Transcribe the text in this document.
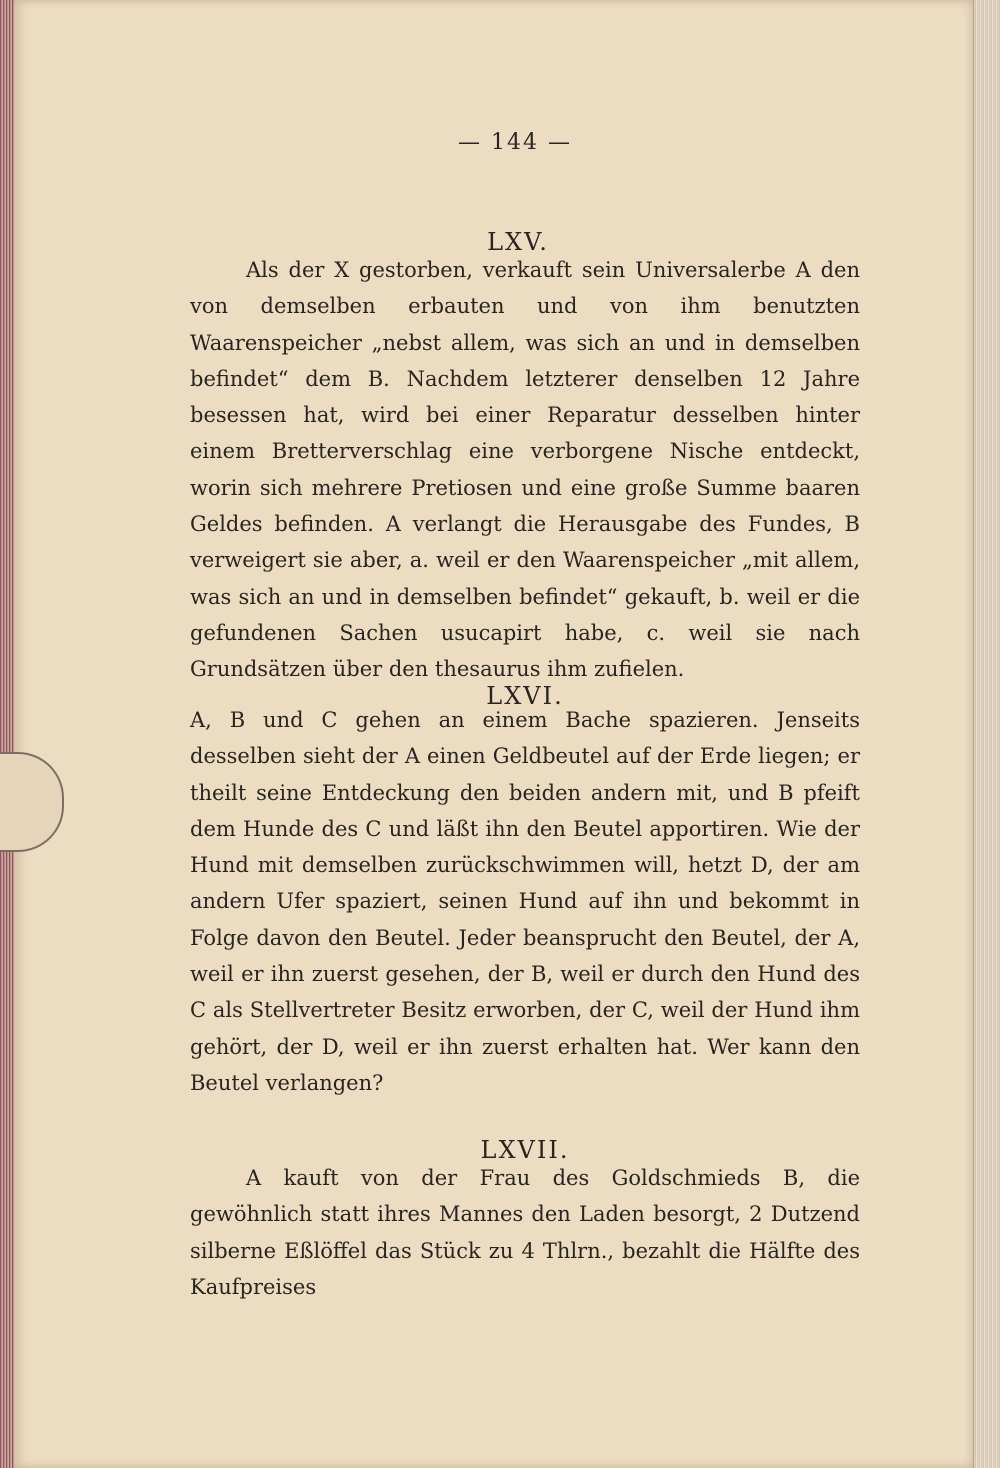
— 144 —
LXV.

Als der X gestorben, verkauft sein Universalerbe A den von demselben erbauten und von ihm benutzten Waarenspeicher „nebst allem, was sich an und in demselben befindet“ dem B. Nachdem letzterer denselben 12 Jahre besessen hat, wird bei einer Reparatur desselben hinter einem Bretterverschlag eine verborgene Nische entdeckt, worin sich mehrere Pretiosen und eine große Summe baaren Geldes befinden. A verlangt die Herausgabe des Fundes, B verweigert sie aber, a. weil er den Waarenspeicher „mit allem, was sich an und in demselben befindet“ gekauft, b. weil er die gefundenen Sachen usucapirt habe, c. weil sie nach Grundsätzen über den thesaurus ihm zufielen.

LXVI.

A, B und C gehen an einem Bache spazieren. Jenseits desselben sieht der A einen Geldbeutel auf der Erde liegen; er theilt seine Entdeckung den beiden andern mit, und B pfeift dem Hunde des C und läßt ihn den Beutel apportiren. Wie der Hund mit demselben zurückschwimmen will, hetzt D, der am andern Ufer spaziert, seinen Hund auf ihn und bekommt in Folge davon den Beutel. Jeder beansprucht den Beutel, der A, weil er ihn zuerst gesehen, der B, weil er durch den Hund des C als Stellvertreter Besitz erworben, der C, weil der Hund ihm gehört, der D, weil er ihn zuerst erhalten hat. Wer kann den Beutel verlangen?

LXVII.

A kauft von der Frau des Goldschmieds B, die gewöhnlich statt ihres Mannes den Laden besorgt, 2 Dutzend silberne Eßlöffel das Stück zu 4 Thlrn., bezahlt die Hälfte des Kaufpreises
